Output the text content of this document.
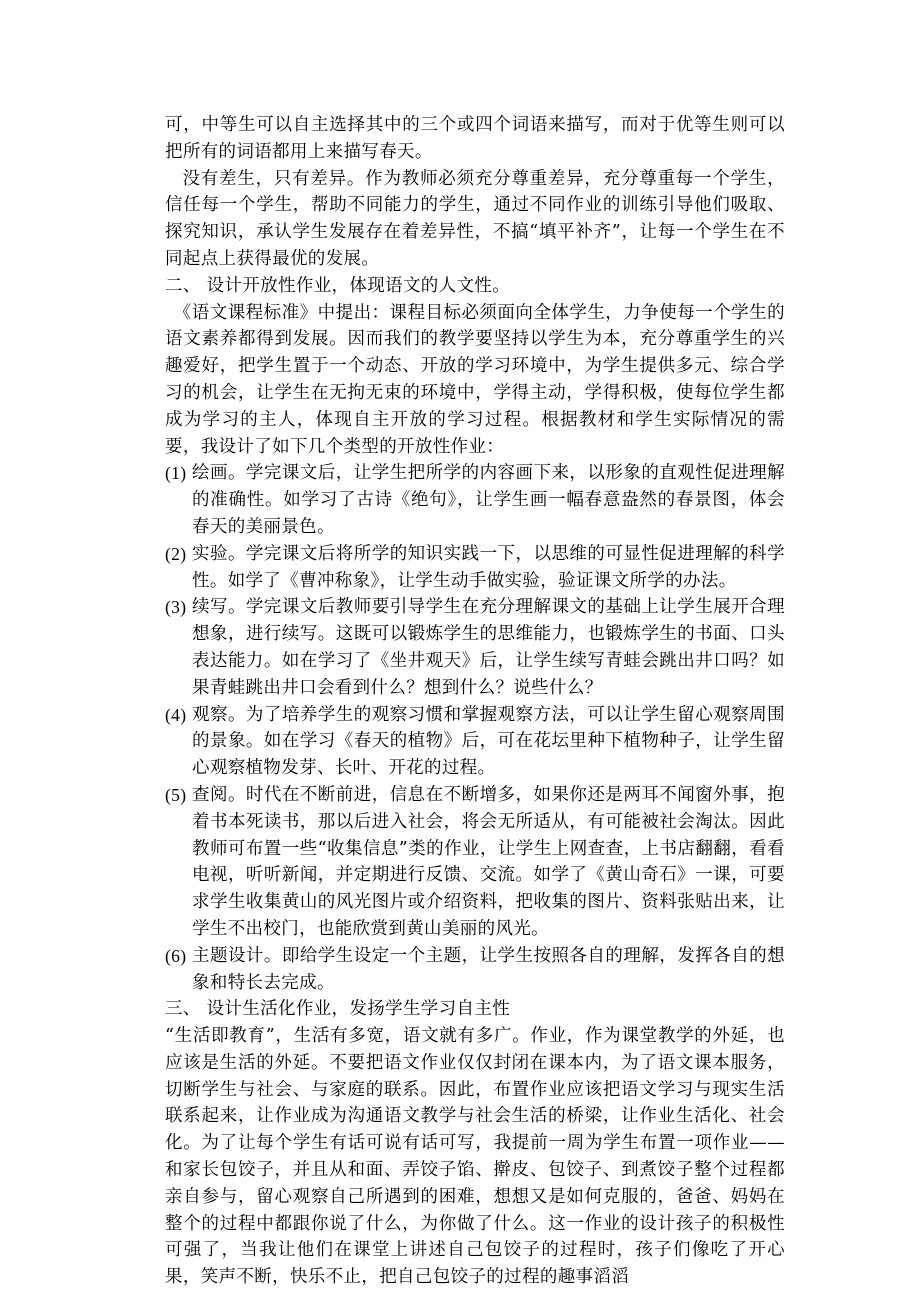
可，中等生可以自主选择其中的三个或四个词语来描写，而对于优等生则可以把所有的词语都用上来描写春天。

没有差生，只有差异。作为教师必须充分尊重差异，充分尊重每一个学生，信任每一个学生，帮助不同能力的学生，通过不同作业的训练引导他们吸取、探究知识，承认学生发展存在着差异性，不搞“填平补齐”，让每一个学生在不同起点上获得最优的发展。

二、 设计开放性作业，体现语文的人文性。

《语文课程标准》中提出：课程目标必须面向全体学生，力争使每一个学生的语文素养都得到发展。因而我们的教学要坚持以学生为本，充分尊重学生的兴趣爱好，把学生置于一个动态、开放的学习环境中，为学生提供多元、综合学习的机会，让学生在无拘无束的环境中，学得主动，学得积极，使每位学生都成为学习的主人，体现自主开放的学习过程。根据教材和学生实际情况的需要，我设计了如下几个类型的开放性作业：

(1) 绘画。学完课文后，让学生把所学的内容画下来，以形象的直观性促进理解的准确性。如学习了古诗《绝句》，让学生画一幅春意盎然的春景图，体会春天的美丽景色。
(2) 实验。学完课文后将所学的知识实践一下，以思维的可显性促进理解的科学性。如学了《曹冲称象》，让学生动手做实验，验证课文所学的办法。
(3) 续写。学完课文后教师要引导学生在充分理解课文的基础上让学生展开合理想象，进行续写。这既可以锻炼学生的思维能力，也锻炼学生的书面、口头表达能力。如在学习了《坐井观天》后，让学生续写青蛙会跳出井口吗？如果青蛙跳出井口会看到什么？想到什么？说些什么？
(4) 观察。为了培养学生的观察习惯和掌握观察方法，可以让学生留心观察周围的景象。如在学习《春天的植物》后，可在花坛里种下植物种子，让学生留心观察植物发芽、长叶、开花的过程。
(5) 查阅。时代在不断前进，信息在不断增多，如果你还是两耳不闻窗外事，抱着书本死读书，那以后进入社会，将会无所适从，有可能被社会淘汰。因此教师可布置一些“收集信息”类的作业，让学生上网查查，上书店翻翻，看看电视，听听新闻，并定期进行反馈、交流。如学了《黄山奇石》一课，可要求学生收集黄山的风光图片或介绍资料，把收集的图片、资料张贴出来，让学生不出校门，也能欣赏到黄山美丽的风光。
(6) 主题设计。即给学生设定一个主题，让学生按照各自的理解，发挥各自的想象和特长去完成。

三、 设计生活化作业，发扬学生学习自主性

“生活即教育”，生活有多宽，语文就有多广。作业，作为课堂教学的外延，也应该是生活的外延。不要把语文作业仅仅封闭在课本内，为了语文课本服务，切断学生与社会、与家庭的联系。因此，布置作业应该把语文学习与现实生活联系起来，让作业成为沟通语文教学与社会生活的桥梁，让作业生活化、社会化。为了让每个学生有话可说有话可写，我提前一周为学生布置一项作业——和家长包饺子，并且从和面、弄饺子馅、擀皮、包饺子、到煮饺子整个过程都亲自参与，留心观察自己所遇到的困难，想想又是如何克服的，爸爸、妈妈在整个的过程中都跟你说了什么，为你做了什么。这一作业的设计孩子的积极性可强了，当我让他们在课堂上讲述自己包饺子的过程时，孩子们像吃了开心果，笑声不断，快乐不止，把自己包饺子的过程的趣事滔滔
